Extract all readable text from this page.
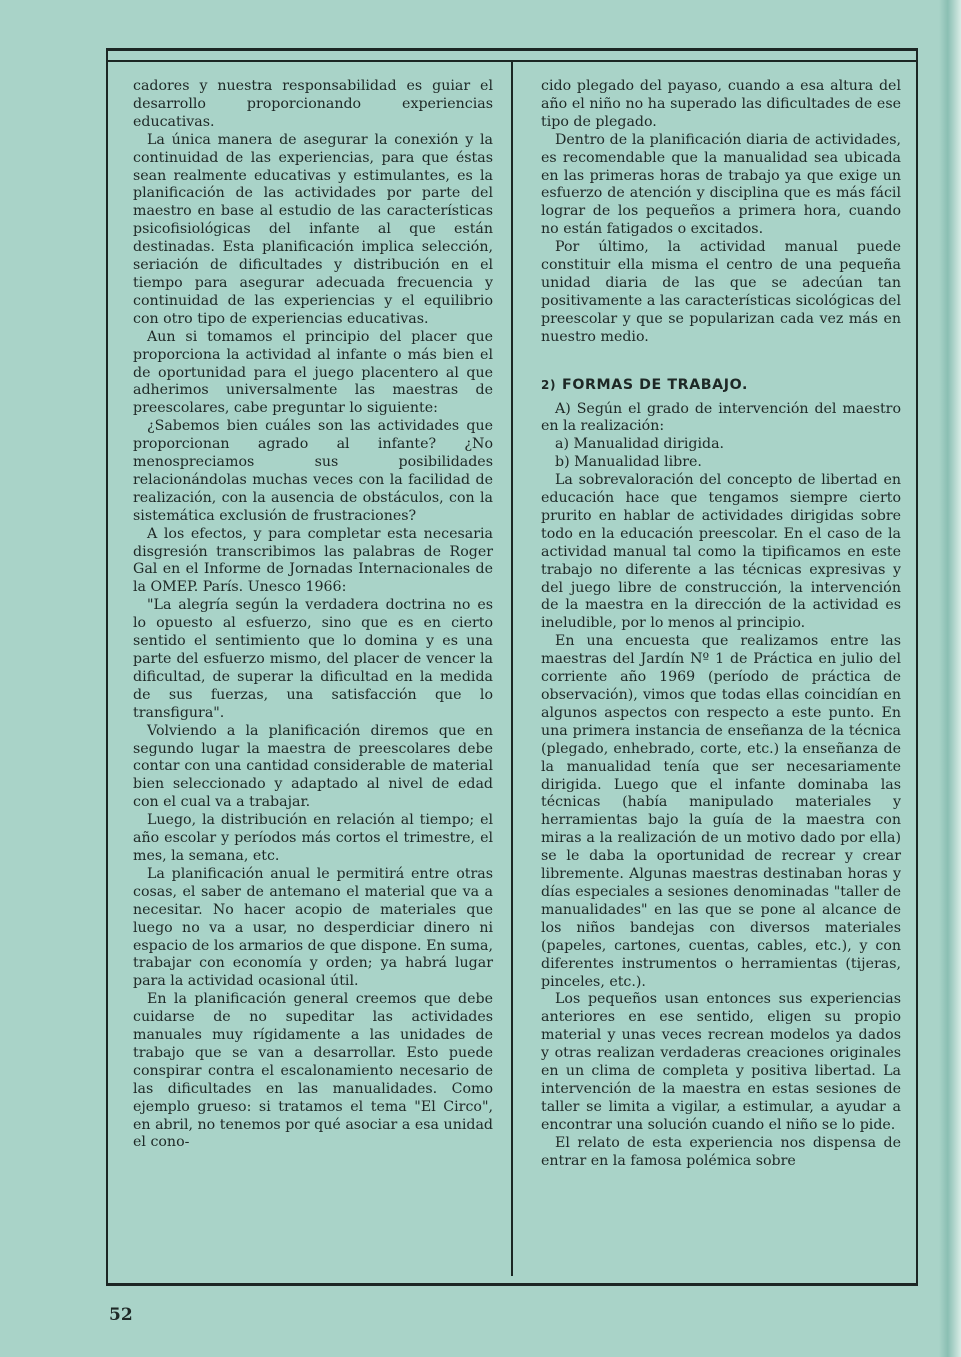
cadores y nuestra responsabilidad es guiar el desarrollo proporcionando experiencias educativas.

La única manera de asegurar la conexión y la continuidad de las experiencias, para que éstas sean realmente educativas y estimulantes, es la planificación de las actividades por parte del maestro en base al estudio de las características psicofisiológicas del infante al que están destinadas. Esta planificación implica selección, seriación de dificultades y distribución en el tiempo para asegurar adecuada frecuencia y continuidad de las experiencias y el equilibrio con otro tipo de experiencias educativas.

Aun si tomamos el principio del placer que proporciona la actividad al infante o más bien el de oportunidad para el juego placentero al que adherimos universalmente las maestras de preescolares, cabe preguntar lo siguiente:

¿Sabemos bien cuáles son las actividades que proporcionan agrado al infante? ¿No menospreciamos sus posibilidades relacionándolas muchas veces con la facilidad de realización, con la ausencia de obstáculos, con la sistemática exclusión de frustraciones?

A los efectos, y para completar esta necesaria disgresión transcribimos las palabras de Roger Gal en el Informe de Jornadas Internacionales de la OMEP. París. Unesco 1966:

"La alegría según la verdadera doctrina no es lo opuesto al esfuerzo, sino que es en cierto sentido el sentimiento que lo domina y es una parte del esfuerzo mismo, del placer de vencer la dificultad, de superar la dificultad en la medida de sus fuerzas, una satisfacción que lo transfigura".

Volviendo a la planificación diremos que en segundo lugar la maestra de preescolares debe contar con una cantidad considerable de material bien seleccionado y adaptado al nivel de edad con el cual va a trabajar.

Luego, la distribución en relación al tiempo; el año escolar y períodos más cortos el trimestre, el mes, la semana, etc.

La planificación anual le permitirá entre otras cosas, el saber de antemano el material que va a necesitar. No hacer acopio de materiales que luego no va a usar, no desperdiciar dinero ni espacio de los armarios de que dispone. En suma, trabajar con economía y orden; ya habrá lugar para la actividad ocasional útil.

En la planificación general creemos que debe cuidarse de no supeditar las actividades manuales muy rígidamente a las unidades de trabajo que se van a desarrollar. Esto puede conspirar contra el escalonamiento necesario de las dificultades en las manualidades. Como ejemplo grueso: si tratamos el tema "El Circo", en abril, no tenemos por qué asociar a esa unidad el cono-

cido plegado del payaso, cuando a esa altura del año el niño no ha superado las dificultades de ese tipo de plegado.

Dentro de la planificación diaria de actividades, es recomendable que la manualidad sea ubicada en las primeras horas de trabajo ya que exige un esfuerzo de atención y disciplina que es más fácil lograr de los pequeños a primera hora, cuando no están fatigados o excitados.

Por último, la actividad manual puede constituir ella misma el centro de una pequeña unidad diaria de las que se adecúan tan positivamente a las características sicológicas del preescolar y que se popularizan cada vez más en nuestro medio.

2) FORMAS DE TRABAJO.

A) Según el grado de intervención del maestro en la realización:

a) Manualidad dirigida.

b) Manualidad libre.

La sobrevaloración del concepto de libertad en educación hace que tengamos siempre cierto prurito en hablar de actividades dirigidas sobre todo en la educación preescolar. En el caso de la actividad manual tal como la tipificamos en este trabajo no diferente a las técnicas expresivas y del juego libre de construcción, la intervención de la maestra en la dirección de la actividad es ineludible, por lo menos al principio.

En una encuesta que realizamos entre las maestras del Jardín Nº 1 de Práctica en julio del corriente año 1969 (período de práctica de observación), vimos que todas ellas coincidían en algunos aspectos con respecto a este punto. En una primera instancia de enseñanza de la técnica (plegado, enhebrado, corte, etc.) la enseñanza de la manualidad tenía que ser necesariamente dirigida. Luego que el infante dominaba las técnicas (había manipulado materiales y herramientas bajo la guía de la maestra con miras a la realización de un motivo dado por ella) se le daba la oportunidad de recrear y crear libremente. Algunas maestras destinaban horas y días especiales a sesiones denominadas "taller de manualidades" en las que se pone al alcance de los niños bandejas con diversos materiales (papeles, cartones, cuentas, cables, etc.), y con diferentes instrumentos o herramientas (tijeras, pinceles, etc.).

Los pequeños usan entonces sus experiencias anteriores en ese sentido, eligen su propio material y unas veces recrean modelos ya dados y otras realizan verdaderas creaciones originales en un clima de completa y positiva libertad. La intervención de la maestra en estas sesiones de taller se limita a vigilar, a estimular, a ayudar a encontrar una solución cuando el niño se lo pide.

El relato de esta experiencia nos dispensa de entrar en la famosa polémica sobre

52
